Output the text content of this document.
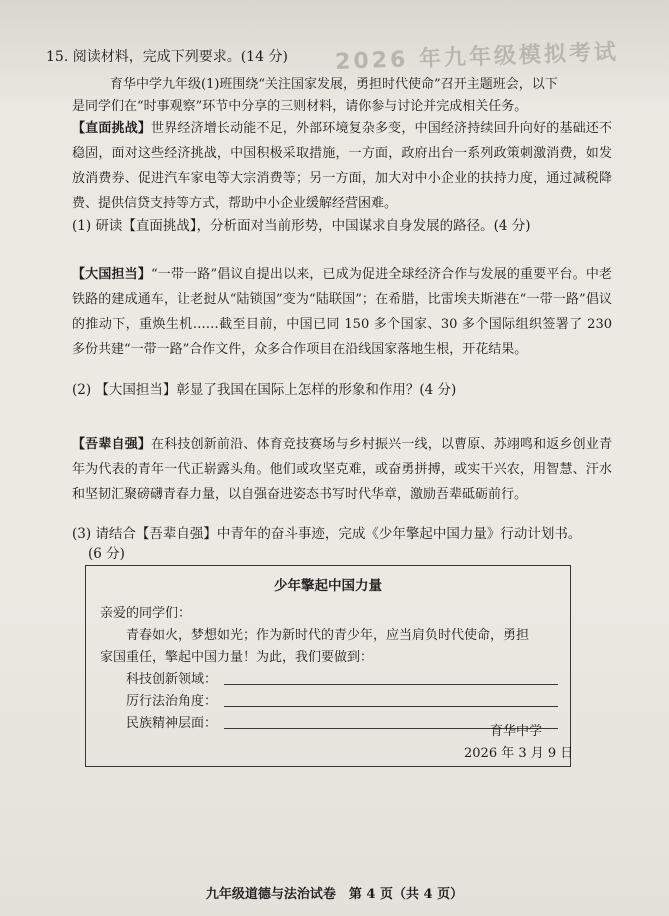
2026 年九年级模拟考试
15. 阅读材料，完成下列要求。(14 分)
育华中学九年级(1)班围绕“关注国家发展，勇担时代使命”召开主题班会，以下
是同学们在“时事观察”环节中分享的三则材料，请你参与讨论并完成相关任务。
【直面挑战】世界经济增长动能不足，外部环境复杂多变，中国经济持续回升向好的基础还不稳固，面对这些经济挑战，中国积极采取措施，一方面，政府出台一系列政策刺激消费，如发放消费券、促进汽车家电等大宗消费等；另一方面，加大对中小企业的扶持力度，通过减税降费、提供信贷支持等方式，帮助中小企业缓解经营困难。
(1) 研读【直面挑战】，分析面对当前形势，中国谋求自身发展的路径。(4 分)
【大国担当】“一带一路”倡议自提出以来，已成为促进全球经济合作与发展的重要平台。中老铁路的建成通车，让老挝从“陆锁国”变为“陆联国”；在希腊，比雷埃夫斯港在“一带一路”倡议的推动下，重焕生机……截至目前，中国已同 150 多个国家、30 多个国际组织签署了 230 多份共建“一带一路”合作文件，众多合作项目在沿线国家落地生根，开花结果。
(2) 【大国担当】彰显了我国在国际上怎样的形象和作用？(4 分)
【吾辈自强】在科技创新前沿、体育竞技赛场与乡村振兴一线，以曹原、苏翊鸣和返乡创业青年为代表的青年一代正崭露头角。他们或攻坚克难，或奋勇拼搏，或实干兴农，用智慧、汗水和坚韧汇聚磅礴青春力量，以自强奋进姿态书写时代华章，激励吾辈砥砺前行。
(3) 请结合【吾辈自强】中青年的奋斗事迹，完成《少年擎起中国力量》行动计划书。
(6 分)
少年擎起中国力量
亲爱的同学们：
青春如火，梦想如光；作为新时代的青少年，应当肩负时代使命，勇担
家国重任，擎起中国力量！为此，我们要做到：
科技创新领域：
厉行法治角度：
民族精神层面：
育华中学
2026 年 3 月 9 日
九年级道德与法治试卷　第 4 页（共 4 页）
